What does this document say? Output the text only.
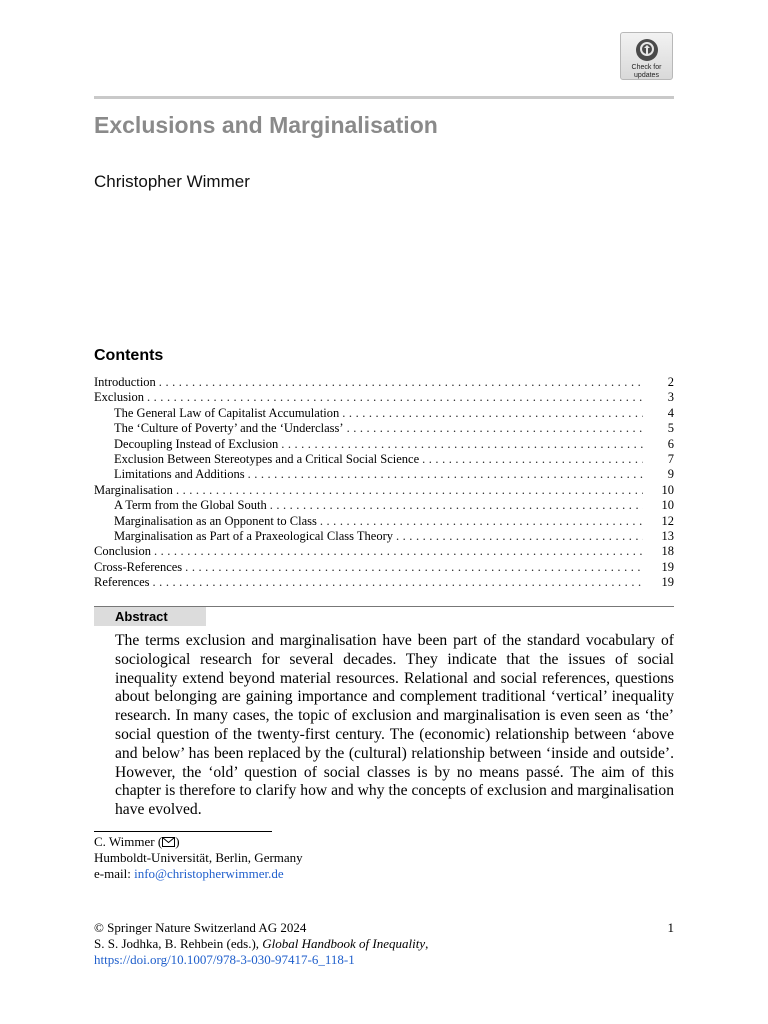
Check for
updates
Exclusions and Marginalisation

Christopher Wimmer

Contents
Introduction . . .	2
Exclusion . . .	3
The General Law of Capitalist Accumulation . . .	4
The ‘Culture of Poverty’ and the ‘Underclass’ . . .	5
Decoupling Instead of Exclusion . . .	6
Exclusion Between Stereotypes and a Critical Social Science . . .	7
Limitations and Additions . . .	9
Marginalisation . . .	10
A Term from the Global South . . .	10
Marginalisation as an Opponent to Class . . .	12
Marginalisation as Part of a Praxeological Class Theory . . .	13
Conclusion . . .	18
Cross-References . . .	19
References . . .	19
Abstract

The terms exclusion and marginalisation have been part of the standard vocabulary of sociological research for several decades. They indicate that the issues of social inequality extend beyond material resources. Relational and social references, questions about belonging are gaining importance and complement traditional ‘vertical’ inequality research. In many cases, the topic of exclusion and marginalisation is even seen as ‘the’ social question of the twenty-first century. The (economic) relationship between ‘above and below’ has been replaced by the (cultural) relationship between ‘inside and outside’. However, the ‘old’ question of social classes is by no means passé. The aim of this chapter is therefore to clarify how and why the concepts of exclusion and marginalisation have evolved.

C. Wimmer ( )
Humboldt-Universität, Berlin, Germany
e-mail: info@christopherwimmer.de
© Springer Nature Switzerland AG 2024
S. S. Jodhka, B. Rehbein (eds.), Global Handbook of Inequality,
https://doi.org/10.1007/978-3-030-97417-6_118-1
1
